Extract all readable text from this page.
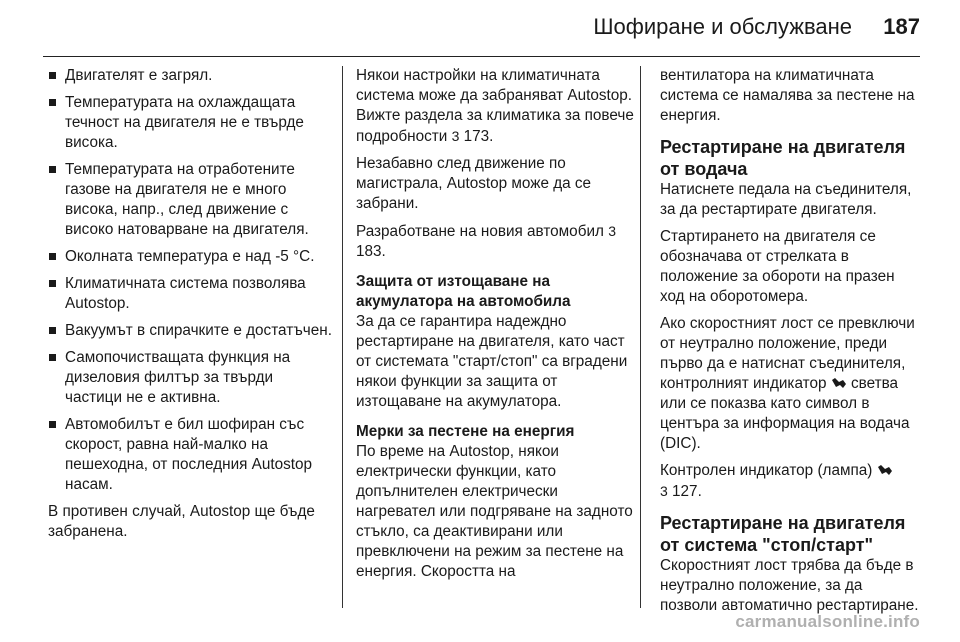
Шофиране и обслужване 187
Двигателят е загрял.
Температурата на охлаждащата течност на двигателя не е твърде висока.
Температурата на отработените газове на двигателя не е много висока, напр., след движение с високо натоварване на двигателя.
Околната температура е над -5 °C.
Климатичната система позволява Autostop.
Вакуумът в спирачките е достатъчен.
Самопочистващата функция на дизеловия филтър за твърди частици не е активна.
Автомобилът е бил шофиран със скорост, равна най-малко на пешеходна, от последния Autostop насам.

В противен случай, Autostop ще бъде забранена.

Някои настройки на климатичната система може да забраняват Autostop. Вижте раздела за климатика за повече подробности 3 173.

Незабавно след движение по магистрала, Autostop може да се забрани.

Разработване на новия автомобил 3 183.

Защита от изтощаване на акумулатора на автомобила

За да се гарантира надеждно рестартиране на двигателя, като част от системата "старт/стоп" са вградени някои функции за защита от изтощаване на акумулатора.

Мерки за пестене на енергия

По време на Autostop, някои електрически функции, като допълнителен електрически нагревател или подгряване на задното стъкло, са деактивирани или превключени на режим за пестене на енергия. Скоростта на

вентилатора на климатичната система се намалява за пестене на енергия.

Рестартиране на двигателя от водача

Натиснете педала на съединителя, за да рестартирате двигателя.

Стартирането на двигателя се обозначава от стрелката в положение за обороти на празен ход на оборотомера.

Ако скоростният лост се превключи от неутрално положение, преди първо да е натиснат съединителя, контролният индикатор светва или се показва като символ в центъра за информация на водача (DIC).

Контролен индикатор (лампа)
3 127.

Рестартиране на двигателя от система "стоп/старт"

Скоростният лост трябва да бъде в неутрално положение, за да позволи автоматично рестартиране.

carmanualsonline.info
